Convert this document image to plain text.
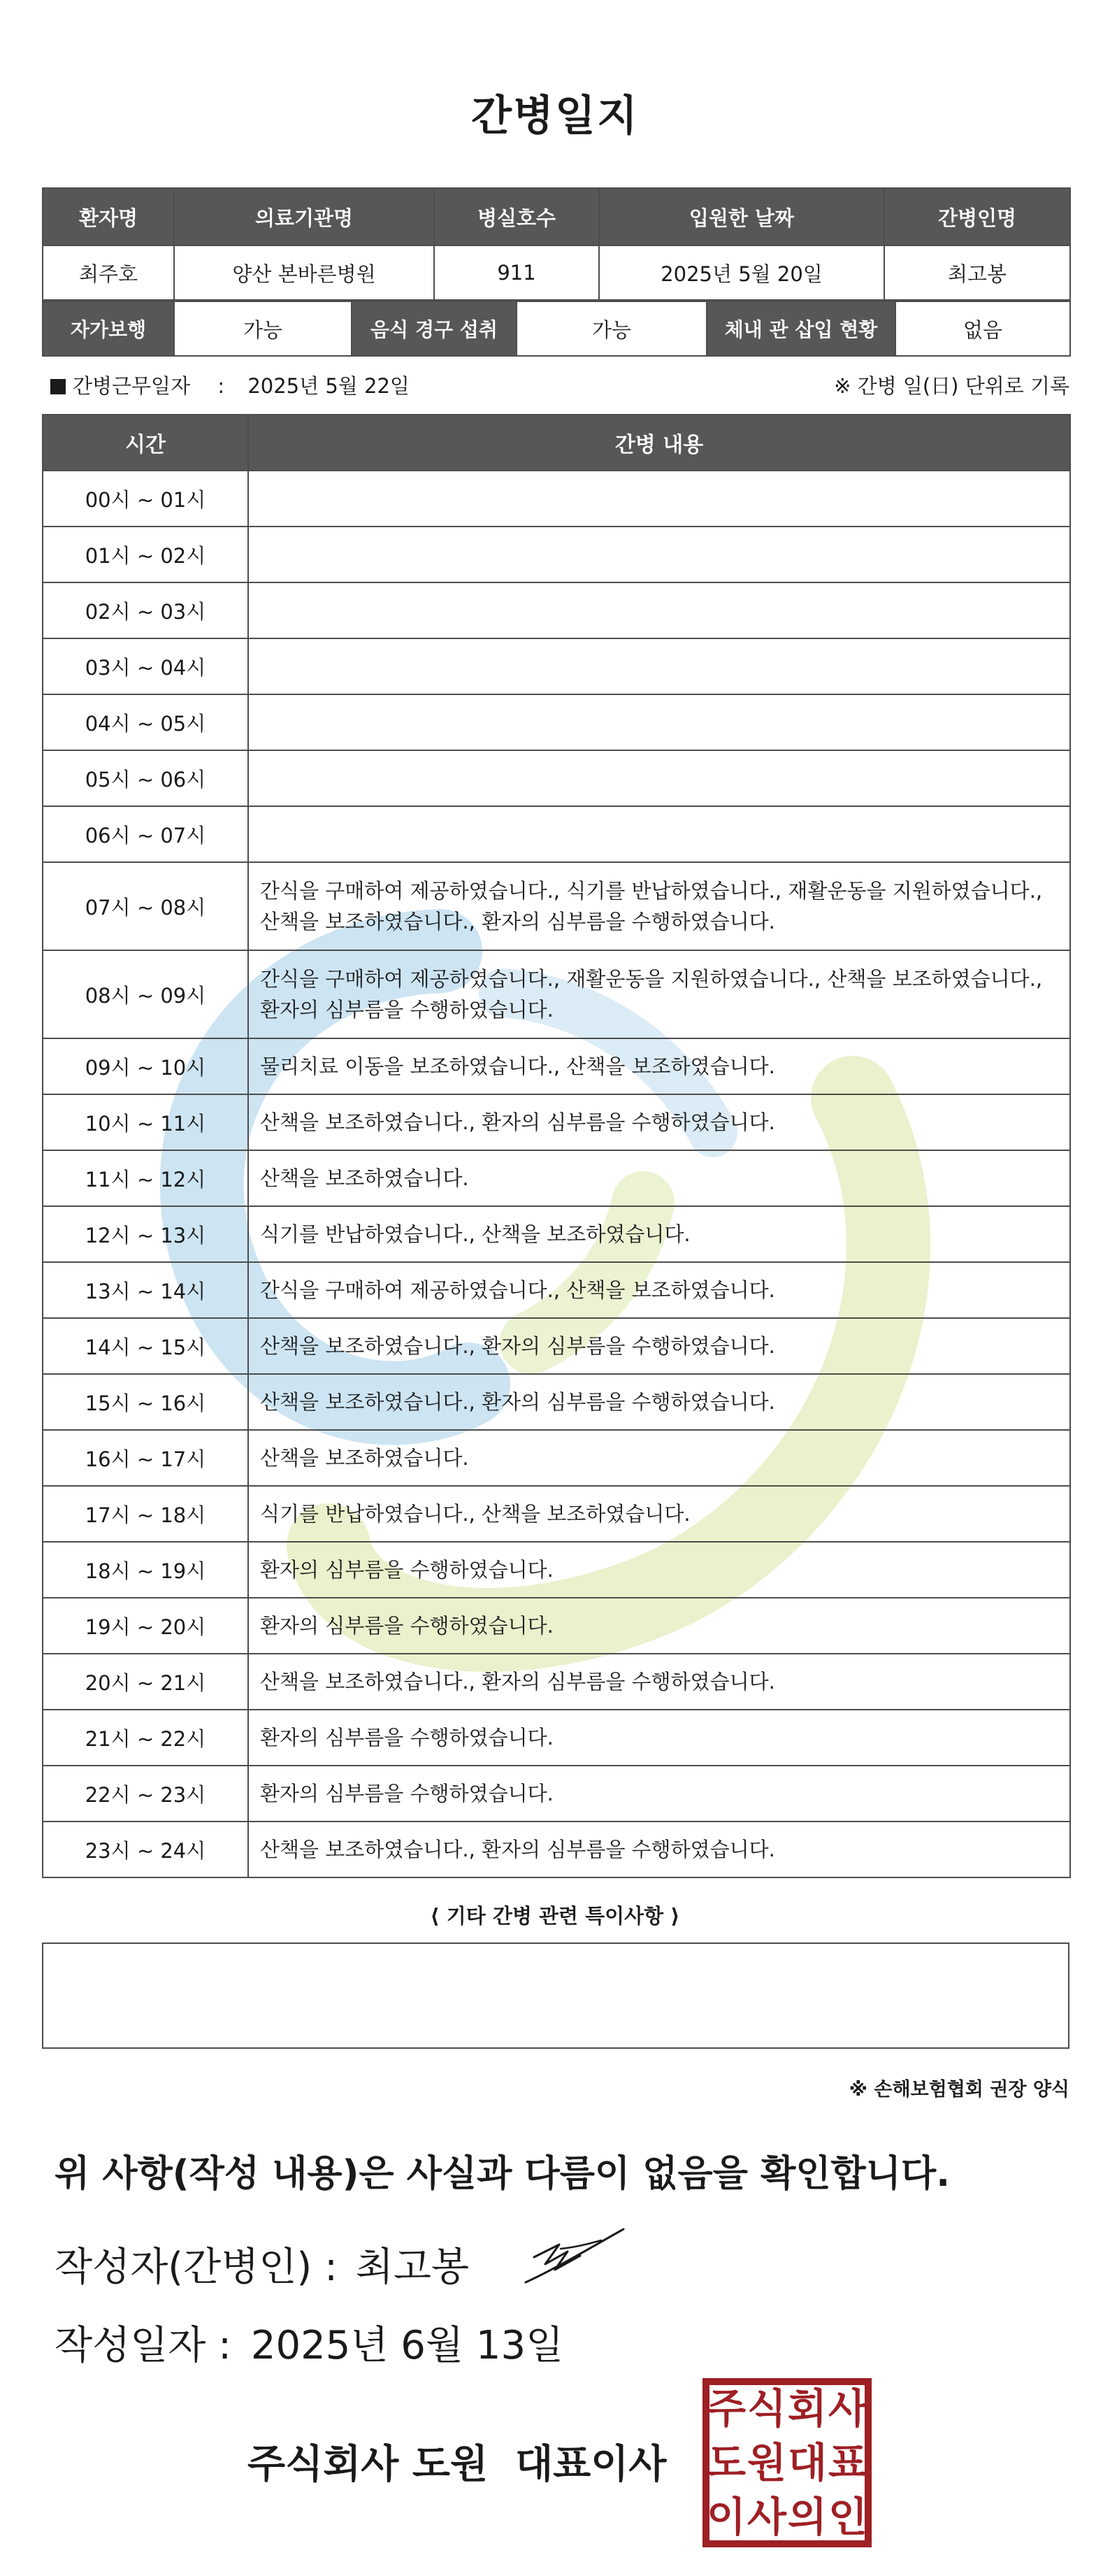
간병일지
환자명	의료기관명	병실호수	입원한 날짜	간병인명
최주호	양산 본바른병원	911	2025년 5월 20일	최고봉
자가보행	가능	음식 경구 섭취	가능	체내 관 삽입 현황	없음
간병근무일자 : 2025년 5월 22일	※ 간병 일(日) 단위로 기록
시간	간병 내용
00시 ~ 01시	
01시 ~ 02시	
02시 ~ 03시	
03시 ~ 04시	
04시 ~ 05시	
05시 ~ 06시	
06시 ~ 07시	
07시 ~ 08시	간식을 구매하여 제공하였습니다., 식기를 반납하였습니다., 재활운동을 지원하였습니다., 산책을 보조하였습니다., 환자의 심부름을 수행하였습니다.
08시 ~ 09시	간식을 구매하여 제공하였습니다., 재활운동을 지원하였습니다., 산책을 보조하였습니다., 환자의 심부름을 수행하였습니다.
09시 ~ 10시	물리치료 이동을 보조하였습니다., 산책을 보조하였습니다.
10시 ~ 11시	산책을 보조하였습니다., 환자의 심부름을 수행하였습니다.
11시 ~ 12시	산책을 보조하였습니다.
12시 ~ 13시	식기를 반납하였습니다., 산책을 보조하였습니다.
13시 ~ 14시	간식을 구매하여 제공하였습니다., 산책을 보조하였습니다.
14시 ~ 15시	산책을 보조하였습니다., 환자의 심부름을 수행하였습니다.
15시 ~ 16시	산책을 보조하였습니다., 환자의 심부름을 수행하였습니다.
16시 ~ 17시	산책을 보조하였습니다.
17시 ~ 18시	식기를 반납하였습니다., 산책을 보조하였습니다.
18시 ~ 19시	환자의 심부름을 수행하였습니다.
19시 ~ 20시	환자의 심부름을 수행하였습니다.
20시 ~ 21시	산책을 보조하였습니다., 환자의 심부름을 수행하였습니다.
21시 ~ 22시	환자의 심부름을 수행하였습니다.
22시 ~ 23시	환자의 심부름을 수행하였습니다.
23시 ~ 24시	산책을 보조하였습니다., 환자의 심부름을 수행하였습니다.
⟨ 기타 간병 관련 특이사항 ⟩
※ 손해보험협회 권장 양식
위 사항(작성 내용)은 사실과 다름이 없음을 확인합니다.
작성자(간병인) : 최고봉
작성일자 : 2025년 6월 13일
주식회사 도원  대표이사
주 식 회 사
도 원 대 표
이 사 의 인
